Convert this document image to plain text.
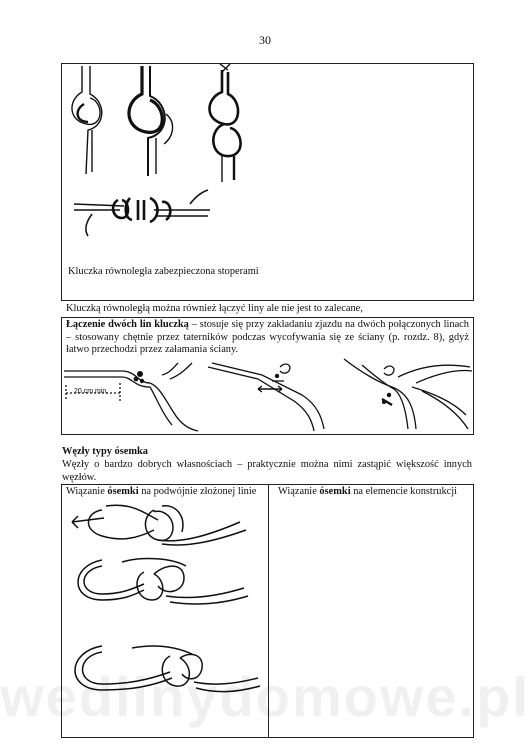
30
Kluczka równoległa zabezpieczona stoperami
Kluczką równoległą można również łączyć liny ale nie jest to zalecane,
Łączenie dwóch lin kluczką – stosuje się przy zakładaniu zjazdu na dwóch połączonych linach – stosowany chętnie przez taterników podczas wycofywania się ze ściany (p. rozdz. 8), gdyż łatwo przechodzi przez załamania ściany.
20 cm min.
Węzły typy ósemka
Węzły o bardzo dobrych własnościach – praktycznie można nimi zastąpić większość innych węzłów.
Wiązanie ósemki na podwójnie złożonej linie Wiązanie ósemki na elemencie konstrukcji
wedlinydomowe.pl
